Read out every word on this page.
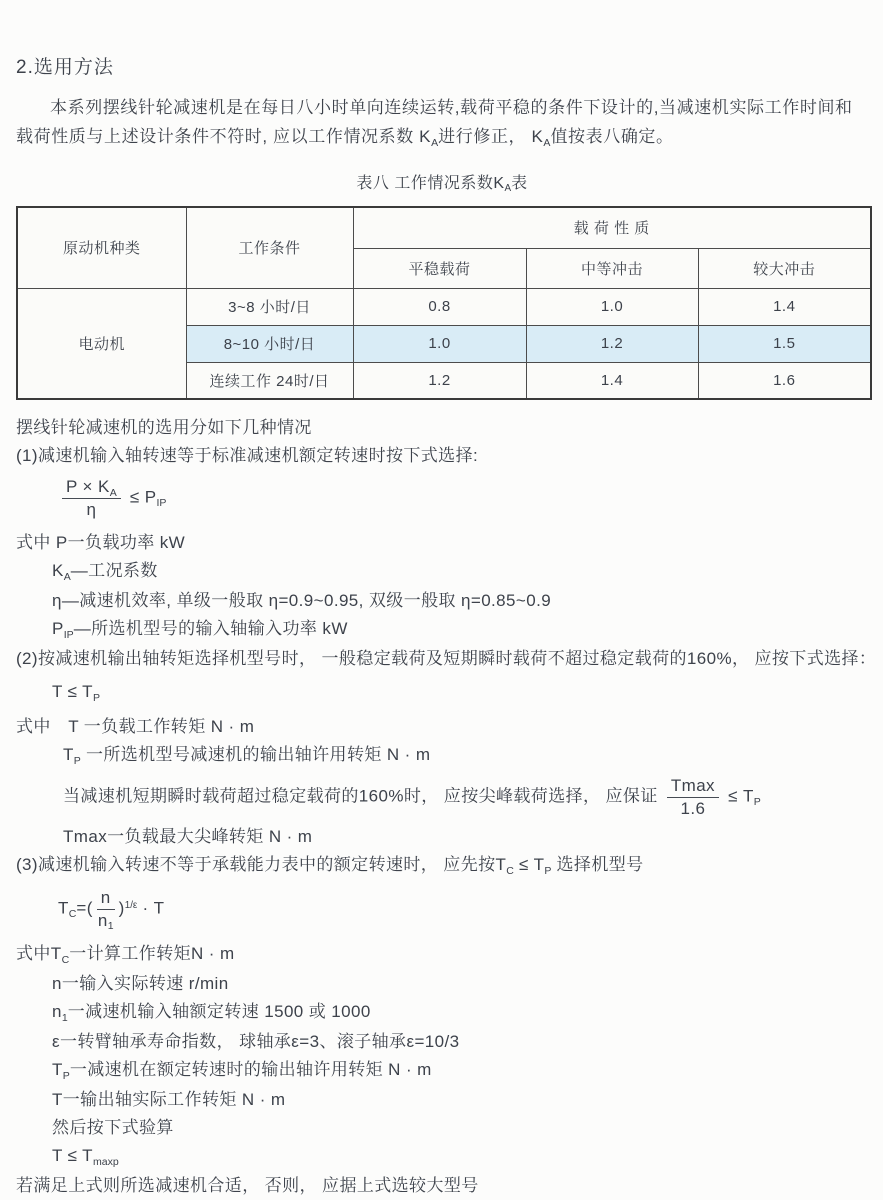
2.选用方法

本系列摆线针轮减速机是在每日八小时单向连续运转,载荷平稳的条件下设计的,当减速机实际工作时间和载荷性质与上述设计条件不符时, 应以工作情况系数 $K_A$进行修正， $K_A$值按表八确定。

表八 工作情况系数$K_A$表
原动机种类	工作条件	载 荷 性 质		
		平稳载荷	中等冲击	较大冲击
电动机	3~8 小时/日	0.8	1.0	1.4
	8~10 小时/日	1.0	1.2	1.5
	连续工作 24时/日	1.2	1.4	1.6
摆线针轮减速机的选用分如下几种情况
(1)减速机输入轴转速等于标准减速机额定转速时按下式选择:
$\frac{P \times K_A}{\eta} \le P_{IP}$
式中 P一负载功率 kW
$K_A—$工况系数
η—减速机效率, 单级一般取 η=0.9~0.95, 双级一般取 η=0.85~0.9
$P_{IP}—$所选机型号的输入轴输入功率 kW
(2)按减速机输出轴转矩选择机型号时， 一般稳定载荷及短期瞬时载荷不超过稳定载荷的160%， 应按下式选择：
$T \le T_P$
式中　T 一负载工作转矩 N · m
$T_P$ 一所选机型号减速机的输出轴许用转矩 N · m
当减速机短期瞬时载荷超过稳定载荷的160%时， 应按尖峰载荷选择， 应保证 $\frac{Tmax}{1.6} \le T_P$
Tmax一负载最大尖峰转矩 N · m
(3)减速机输入转速不等于承载能力表中的额定转速时， 应先按$T_C \le T_P$ 选择机型号
$T_C=( \frac{n}{n_1} )^{1/\varepsilon} \cdot T$
式中$T_C$一计算工作转矩N · m
n一输入实际转速 r/min
$n_1$一减速机输入轴额定转速 1500 或 1000
ε一转臂轴承寿命指数， 球轴承ε=3、滚子轴承ε=10/3
$T_P$一减速机在额定转速时的输出轴许用转矩 N · m
T一输出轴实际工作转矩 N · m
然后按下式验算
$T \le T_{maxp}$
若满足上式则所选减速机合适， 否则， 应据上式选较大型号
